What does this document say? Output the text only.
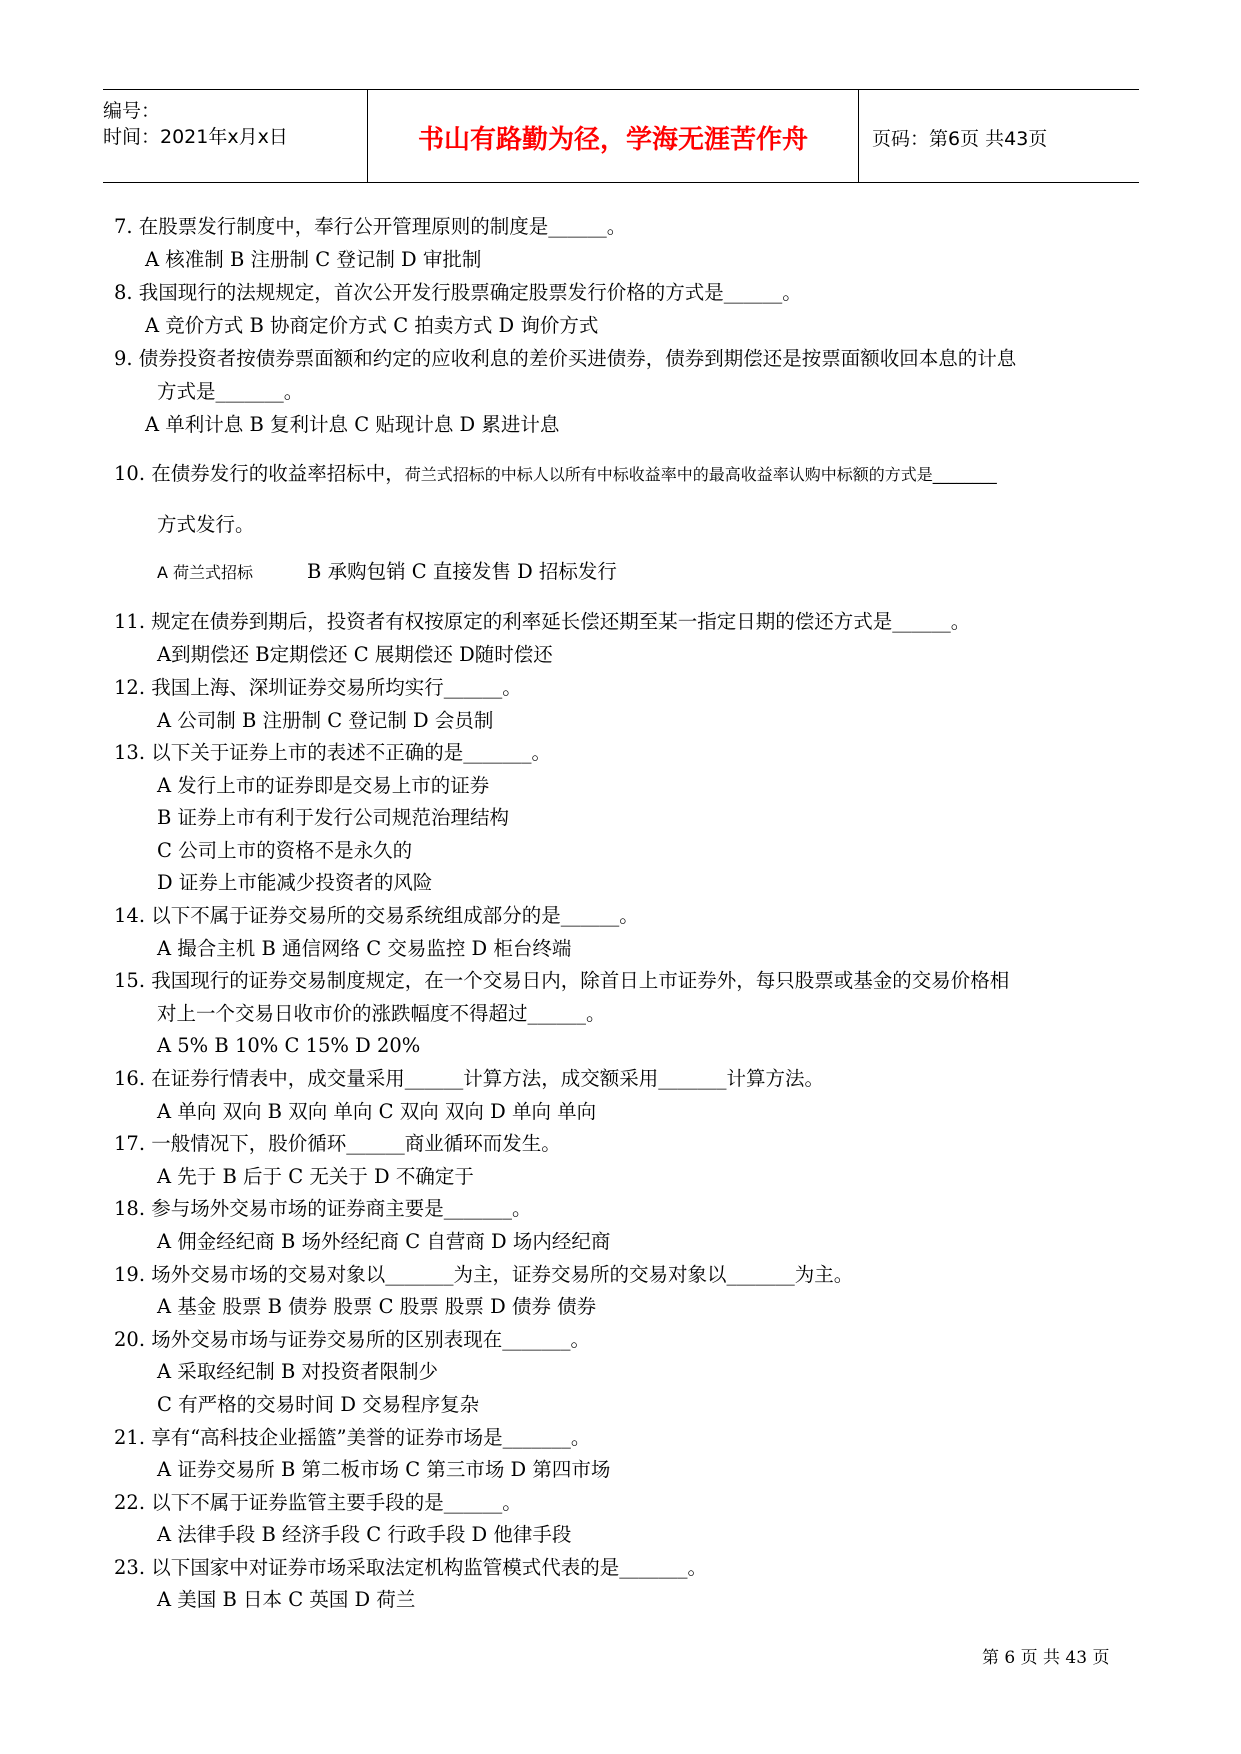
编号：
时间：2021年x月x日	书山有路勤为径，学海无涯苦作舟	页码：第6页 共43页
7. 在股票发行制度中，奉行公开管理原则的制度是______。
A 核准制 B 注册制 C 登记制 D 审批制
8. 我国现行的法规规定，首次公开发行股票确定股票发行价格的方式是______。
A 竞价方式 B 协商定价方式 C 拍卖方式 D 询价方式
9. 债券投资者按债券票面额和约定的应收利息的差价买进债券，债券到期偿还是按票面额收回本息的计息
方式是_______。
A 单利计息 B 复利计息 C 贴现计息 D 累进计息
10. 在债券发行的收益率招标中，荷兰式招标的中标人以所有中标收益率中的最高收益率认购中标额的方式是________
方式发行。
A 荷兰式招标	B 承购包销 C 直接发售 D 招标发行
11. 规定在债券到期后，投资者有权按原定的利率延长偿还期至某一指定日期的偿还方式是______。
A到期偿还 B定期偿还 C 展期偿还 D随时偿还
12. 我国上海、深圳证券交易所均实行______。
A 公司制 B 注册制 C 登记制 D 会员制
13. 以下关于证券上市的表述不正确的是_______。
A 发行上市的证券即是交易上市的证券
B 证券上市有利于发行公司规范治理结构
C 公司上市的资格不是永久的
D 证券上市能减少投资者的风险
14. 以下不属于证券交易所的交易系统组成部分的是______。
A 撮合主机 B 通信网络 C 交易监控 D 柜台终端
15. 我国现行的证券交易制度规定，在一个交易日内，除首日上市证券外，每只股票或基金的交易价格相
对上一个交易日收市价的涨跌幅度不得超过______。
A 5% B 10% C 15% D 20%
16. 在证券行情表中，成交量采用______计算方法，成交额采用_______计算方法。
A 单向 双向 B 双向 单向 C 双向 双向 D 单向 单向
17. 一般情况下，股价循环______商业循环而发生。
A 先于 B 后于 C 无关于 D 不确定于
18. 参与场外交易市场的证券商主要是_______。
A 佣金经纪商 B 场外经纪商 C 自营商 D 场内经纪商
19. 场外交易市场的交易对象以_______为主，证券交易所的交易对象以_______为主。
A 基金 股票 B 债券 股票 C 股票 股票 D 债券 债券
20. 场外交易市场与证券交易所的区别表现在_______。
A 采取经纪制 B 对投资者限制少
C 有严格的交易时间 D 交易程序复杂
21. 享有“高科技企业摇篮”美誉的证券市场是_______。
A 证券交易所 B 第二板市场 C 第三市场 D 第四市场
22. 以下不属于证券监管主要手段的是______。
A 法律手段 B 经济手段 C 行政手段 D 他律手段
23. 以下国家中对证券市场采取法定机构监管模式代表的是_______。
A 美国 B 日本 C 英国 D 荷兰
第 6 页 共 43 页
